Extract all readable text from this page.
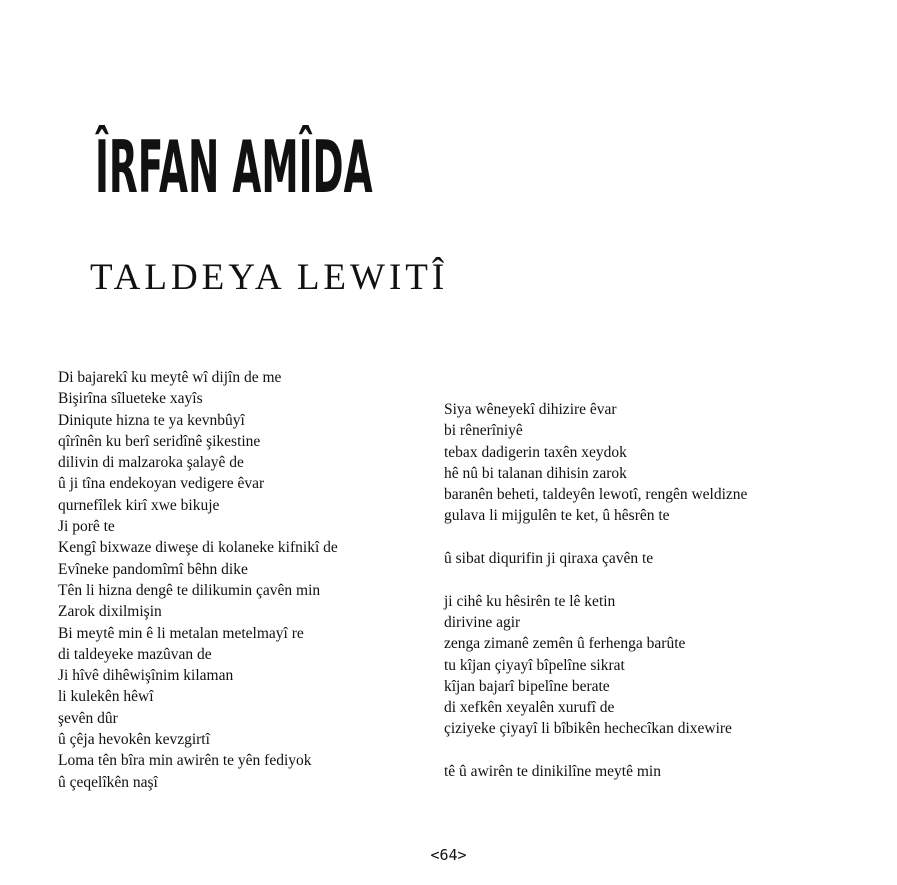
ÎRFAN AMÎDA
TALDEYA LEWITÎ
Di bajarekî ku meytê wî dijîn de me
Bişirîna sîlueteke xayîs
Diniqute hizna te ya kevnbûyî
qîrînên ku berî seridînê şikestine
dilivin di malzaroka şalayê de
û ji tîna endekoyan vedigere êvar
qurnefîlek kirî xwe bikuje
Ji porê te
Kengî bixwaze diweşe di kolaneke kifnikî de
Evîneke pandomîmî bêhn dike
Tên li hizna dengê te dilikumin çavên min
Zarok dixilmişin
Bi meytê min ê li metalan metelmayî re
di taldeyeke mazûvan de
Ji hîvê dihêwişînim kilaman
li kulekên hêwî
şevên dûr
û çêja hevokên kevzgirtî
Loma tên bîra min awirên te yên fediyok
û çeqelîkên naşî
Siya wêneyekî dihizire êvar
bi rênerîniyê
tebax dadigerin taxên xeydok
hê nû bi talanan dihisin zarok
baranên beheti, taldeyên lewotî, rengên weldizne
gulava li mijgulên te ket, û hêsrên te
û sibat diqurifin ji qiraxa çavên te
ji cihê ku hêsirên te lê ketin
dirivine agir
zenga zimanê zemên û ferhenga barûte
tu kîjan çiyayî bîpelîne sikrat
kîjan bajarî bipelîne berate
di xefkên xeyalên xurufî de
çiziyeke çiyayî li bîbikên hechecîkan dixewire
tê û awirên te dinikilîne meytê min
<64>
